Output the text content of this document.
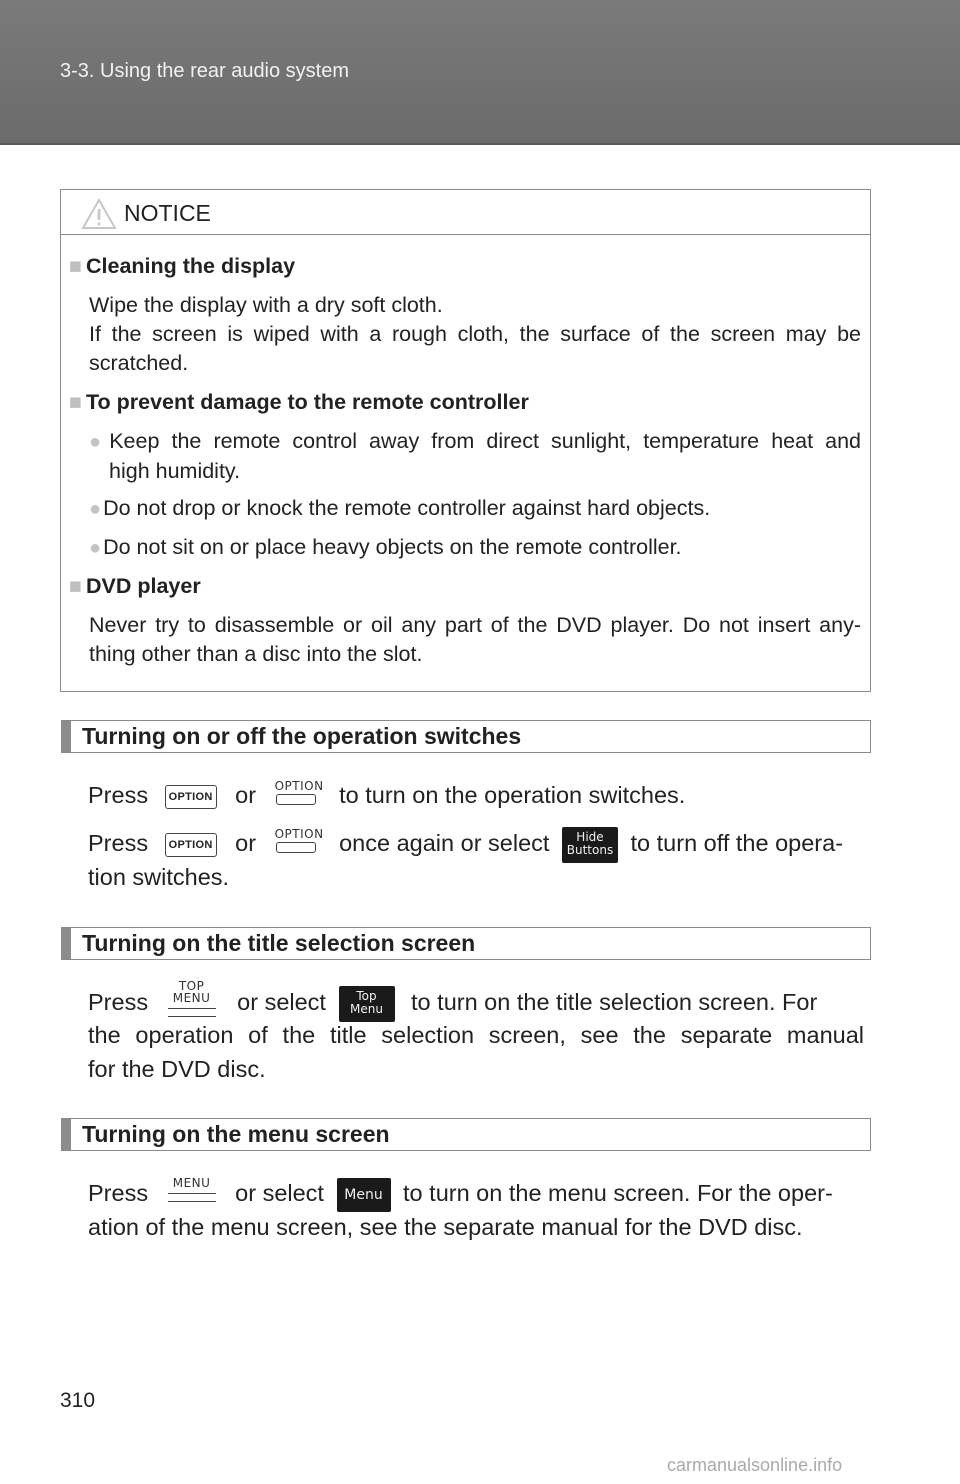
3-3. Using the rear audio system
NOTICE
■ Cleaning the display
Wipe the display with a dry soft cloth.
If the screen is wiped with a rough cloth, the surface of the screen may be
scratched.
■ To prevent damage to the remote controller
●Keep the remote control away from direct sunlight, temperature heat and
high humidity.
●Do not drop or knock the remote controller against hard objects.
●Do not sit on or place heavy objects on the remote controller.
■ DVD player
Never try to disassemble or oil any part of the DVD player. Do not insert any-
thing other than a disc into the slot.
Turning on or off the operation switches
Press OPTION or OPTION to turn on the operation switches.
Press OPTION or OPTION once again or select	Hide
Buttons to turn off the opera-
tion switches.
Turning on the title selection screen
Press
TOP MENU	or select	Top
Menu	to turn on the title selection screen. For
the operation of the title selection screen, see the separate manual
for the DVD disc.
Turning on the menu screen
Press	MENU	or select Menu to turn on the menu screen. For the oper-
ation of the menu screen, see the separate manual for the DVD disc.
310
carmanualsonline.info
